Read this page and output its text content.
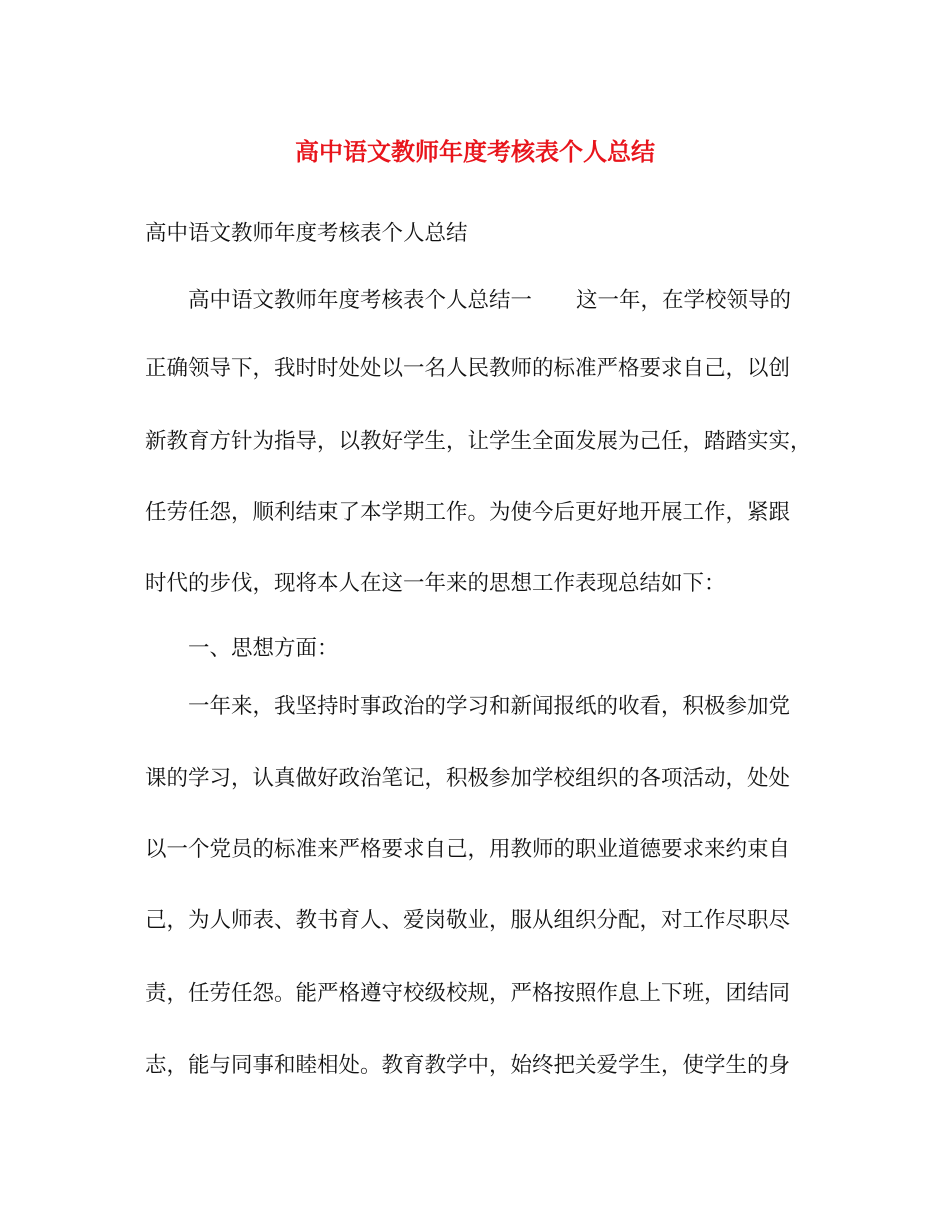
高中语文教师年度考核表个人总结

高中语文教师年度考核表个人总结

高中语文教师年度考核表个人总结一 这一年，在学校领导的

正确领导下，我时时处处以一名人民教师的标准严格要求自己，以创

新教育方针为指导，以教好学生，让学生全面发展为己任，踏踏实实，

任劳任怨，顺利结束了本学期工作。为使今后更好地开展工作，紧跟

时代的步伐，现将本人在这一年来的思想工作表现总结如下：

一、思想方面：

一年来，我坚持时事政治的学习和新闻报纸的收看，积极参加党

课的学习，认真做好政治笔记，积极参加学校组织的各项活动，处处

以一个党员的标准来严格要求自己，用教师的职业道德要求来约束自

己，为人师表、教书育人、爱岗敬业，服从组织分配，对工作尽职尽

责，任劳任怨。能严格遵守校级校规，严格按照作息上下班，团结同

志，能与同事和睦相处。教育教学中，始终把关爱学生，使学生的身
